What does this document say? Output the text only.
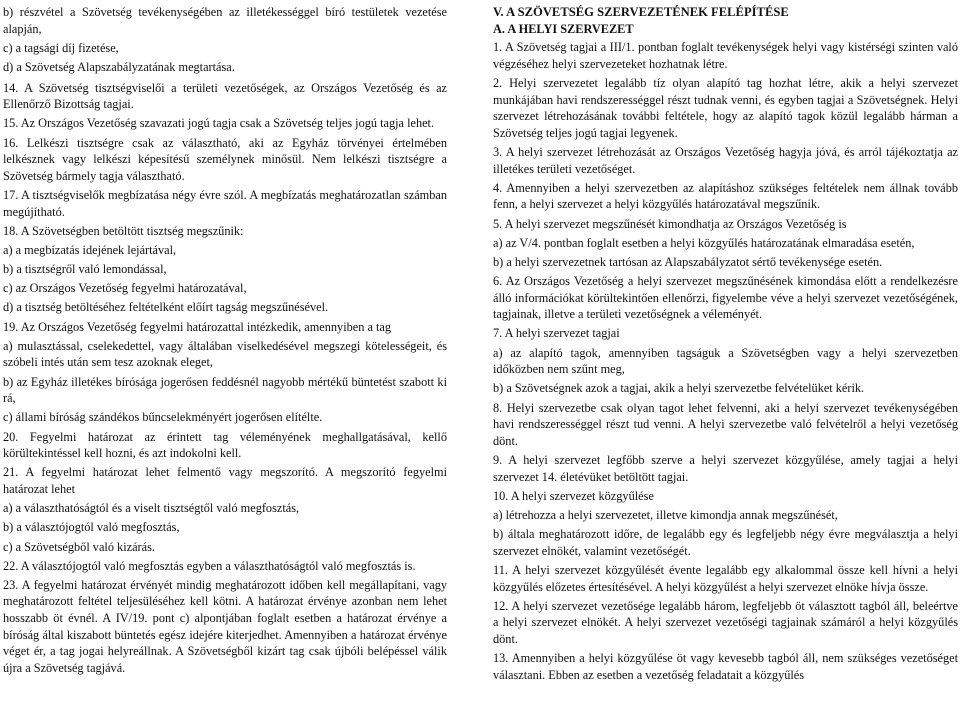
b) részvétel a Szövetség tevékenységében az illetékességgel bíró testületek vezetése alapján,

c) a tagsági díj fizetése,

d) a Szövetség Alapszabályzatának megtartása.

14. A Szövetség tisztségviselői a területi vezetőségek, az Országos Vezetőség és az Ellenőrző Bizottság tagjai.

15. Az Országos Vezetőség szavazati jogú tagja csak a Szövetség teljes jogú tagja lehet.

16. Lelkészi tisztségre csak az választható, aki az Egyház törvényei értelmében lelkésznek vagy lelkészi képesítésű személynek minősül. Nem lelkészi tisztségre a Szövetség bármely tagja választható.

17. A tisztségviselők megbízatása négy évre szól. A megbízatás meghatározatlan számban megújítható.

18. A Szövetségben betöltött tisztség megszűnik:

a) a megbízatás idejének lejártával,

b) a tisztségről való lemondással,

c) az Országos Vezetőség fegyelmi határozatával,

d) a tisztség betöltéséhez feltételként előírt tagság megszűnésével.

19. Az Országos Vezetőség fegyelmi határozattal intézkedik, amennyiben a tag

a) mulasztással, cselekedettel, vagy általában viselkedésével megszegi kötelességeit, és szóbeli intés után sem tesz azoknak eleget,

b) az Egyház illetékes bírósága jogerősen feddésnél nagyobb mértékű büntetést szabott ki rá,

c) állami bíróság szándékos bűncselekményért jogerősen elítélte.

20. Fegyelmi határozat az érintett tag véleményének meghallgatásával, kellő körültekintéssel kell hozni, és azt indokolni kell.

21. A fegyelmi határozat lehet felmentő vagy megszorító. A megszorító fegyelmi határozat lehet

a) a választhatóságtól és a viselt tisztségtől való megfosztás,

b) a választójogtól való megfosztás,

c) a Szövetségből való kizárás.

22. A választójogtól való megfosztás egyben a választhatóságtól való megfosztás is.

23. A fegyelmi határozat érvényét mindig meghatározott időben kell megállapítani, vagy meghatározott feltétel teljesüléséhez kell kötni. A határozat érvénye azonban nem lehet hosszabb öt évnél. A IV/19. pont c) alpontjában foglalt esetben a határozat érvénye a bíróság által kiszabott büntetés egész idejére kiterjedhet. Amennyiben a határozat érvénye véget ér, a tag jogai helyreállnak. A Szövetségből kizárt tag csak újbóli belépéssel válik újra a Szövetség tagjává.

V. A SZÖVETSÉG SZERVEZETÉNEK FELÉPÍTÉSE

A. A HELYI SZERVEZET

1. A Szövetség tagjai a III/1. pontban foglalt tevékenységek helyi vagy kistérségi szinten való végzéséhez helyi szervezeteket hozhatnak létre.

2. Helyi szervezetet legalább tíz olyan alapító tag hozhat létre, akik a helyi szervezet munkájában havi rendszerességgel részt tudnak venni, és egyben tagjai a Szövetségnek. Helyi szervezet létrehozásának további feltétele, hogy az alapító tagok közül legalább hárman a Szövetség teljes jogú tagjai legyenek.

3. A helyi szervezet létrehozását az Országos Vezetőség hagyja jóvá, és arról tájékoztatja az illetékes területi vezetőséget.

4. Amennyiben a helyi szervezetben az alapításhoz szükséges feltételek nem állnak tovább fenn, a helyi szervezet a helyi közgyűlés határozatával megszűnik.

5. A helyi szervezet megszűnését kimondhatja az Országos Vezetőség is

a) az V/4. pontban foglalt esetben a helyi közgyűlés határozatának elmaradása esetén,

b) a helyi szervezetnek tartósan az Alapszabályzatot sértő tevékenysége esetén.

6. Az Országos Vezetőség a helyi szervezet megszűnésének kimondása előtt a rendelkezésre álló információkat körültekintően ellenőrzi, figyelembe véve a helyi szervezet vezetőségének, tagjainak, illetve a területi vezetőségnek a véleményét.

7. A helyi szervezet tagjai

a) az alapító tagok, amennyiben tagságuk a Szövetségben vagy a helyi szervezetben időközben nem szűnt meg,

b) a Szövetségnek azok a tagjai, akik a helyi szervezetbe felvételüket kérik.

8. Helyi szervezetbe csak olyan tagot lehet felvenni, aki a helyi szervezet tevékenységében havi rendszerességgel részt tud venni. A helyi szervezetbe való felvételről a helyi vezetőség dönt.

9. A helyi szervezet legfőbb szerve a helyi szervezet közgyűlése, amely tagjai a helyi szervezet 14. életévüket betöltött tagjai.

10. A helyi szervezet közgyűlése

a) létrehozza a helyi szervezetet, illetve kimondja annak megszűnését,

b) általa meghatározott időre, de legalább egy és legfeljebb négy évre megválasztja a helyi szervezet elnökét, valamint vezetőségét.

11. A helyi szervezet közgyűlését évente legalább egy alkalommal össze kell hívni a helyi közgyűlés előzetes értesítésével. A helyi közgyűlést a helyi szervezet elnöke hívja össze.

12. A helyi szervezet vezetősége legalább három, legfeljebb öt választott tagból áll, beleértve a helyi szervezet elnökét. A helyi szervezet vezetőségi tagjainak számáról a helyi közgyűlés dönt.

13. Amennyiben a helyi közgyűlése öt vagy kevesebb tagból áll, nem szükséges vezetőséget választani. Ebben az esetben a vezetőség feladatait a közgyűlés
